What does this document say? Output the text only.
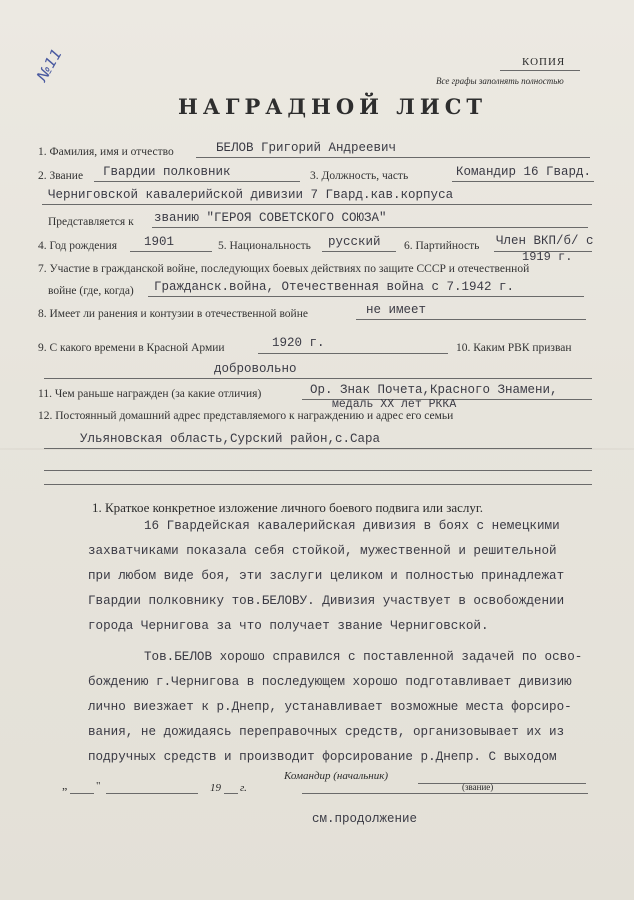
№11	КОПИЯ
Все графы заполнять полностью
НАГРАДНОЙ ЛИСТ
1. Фамилия, имя и отчество	БЕЛОВ Григорий Андреевич
2. Звание Гвардии полковник	3. Должность, часть	Командир 16 Гвард.
Черниговской кавалерийской дивизии 7 Гвард.кав.корпуса
Представляется к званию "ГЕРОЯ СОВЕТСКОГО СОЮЗА"
4. Год рождения 1901	5. Национальность русский 6. Партийность Член ВКП/б/ с
1919 г.
7. Участие в гражданской войне, последующих боевых действиях по защите СССР и отечественной
войне (где, когда) Гражданск.война, Отечественная война с 7.1942 г.
8. Имеет ли ранения и контузии в отечественной войне	не имеет
9. С какого времени в Красной Армии	1920 г.	10. Каким РВК призван
добровольно
11. Чем раньше награжден (за какие отличия)	Ор. Знак Почета,Красного Знамени,
медаль XX лет РККА
12. Постоянный домашний адрес представляемого к награждению и адрес его семьи
Ульяновская область,Сурский район,с.Сара
1. Краткое конкретное изложение личного боевого подвига или заслуг.
16 Гвардейская кавалерийская дивизия в боях с немецкими
захватчиками показала себя стойкой, мужественной и решительной
при любом виде боя, эти заслуги целиком и полностью принадлежат
Гвардии полковнику тов.БЕЛОВУ. Дивизия участвует в освобождении
города Чернигова за что получает звание Черниговской.
Тов.БЕЛОВ хорошо справился с поставленной задачей по осво-
бождению г.Чернигова в последующем хорошо подготавливает дивизию
лично виезжает к р.Днепр, устанавливает возможные места форсиро-
вания, не дожидаясь переправочных средств, организовывает их из
подручных средств и производит форсирование р.Днепр. С выходом
Командир (начальник)
„	"	19 г.	(звание)
см.продолжение
